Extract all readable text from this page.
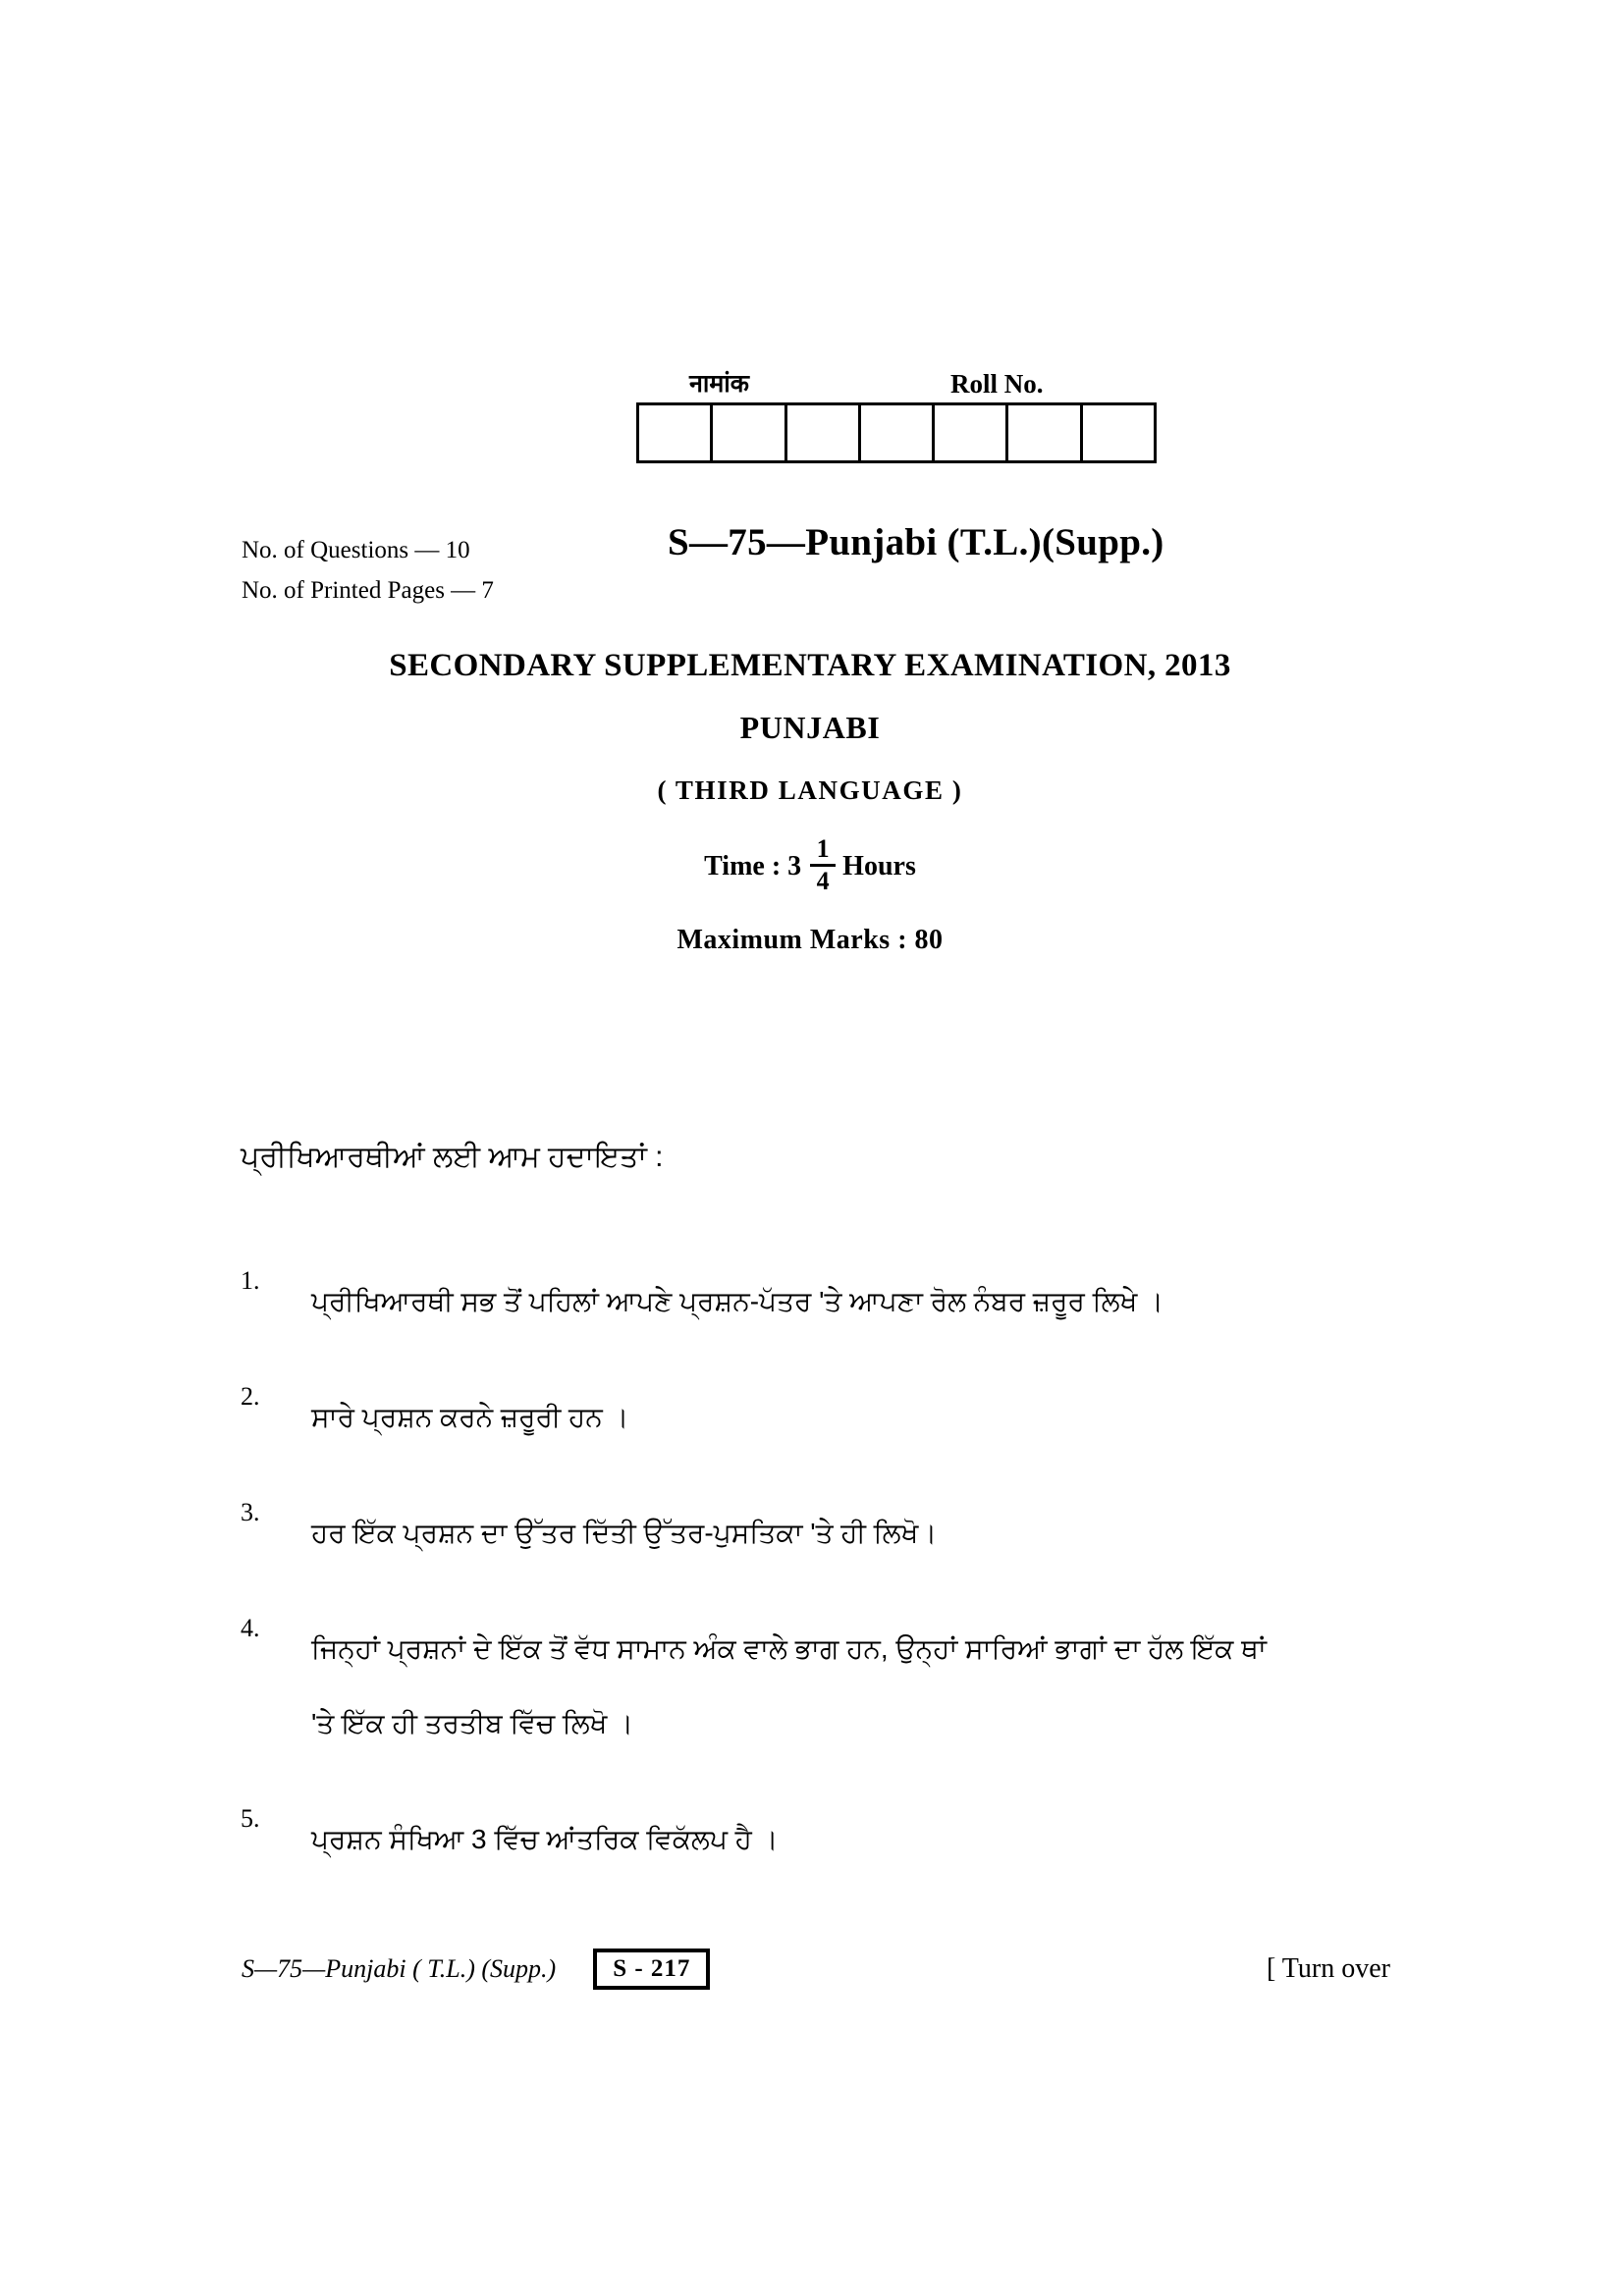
नामांक	Roll No.
No. of Questions — 10
No. of Printed Pages — 7
S—75—Punjabi (T.L.)(Supp.)
SECONDARY SUPPLEMENTARY EXAMINATION, 2013
PUNJABI
( THIRD LANGUAGE )
Time : $3 \frac{1}{4}$ Hours
Maximum Marks : 80
ਪ੍ਰੀਖਿਆਰਥੀਆਂ ਲਈ ਆਮ ਹਦਾਇਤਾਂ :
1.
ਪ੍ਰੀਖਿਆਰਥੀ ਸਭ ਤੋਂ ਪਹਿਲਾਂ ਆਪਣੇ ਪ੍ਰਸ਼ਨ-ਪੱਤਰ 'ਤੇ ਆਪਣਾ ਰੋਲ ਨੰਬਰ ਜ਼ਰੂਰ ਲਿਖੇ ।
2.
ਸਾਰੇ ਪ੍ਰਸ਼ਨ ਕਰਨੇ ਜ਼ਰੂਰੀ ਹਨ ।
3.
ਹਰ ਇੱਕ ਪ੍ਰਸ਼ਨ ਦਾ ਉੱਤਰ ਦਿੱਤੀ ਉੱਤਰ-ਪੁਸਤਿਕਾ 'ਤੇ ਹੀ ਲਿਖੋ।
4.
ਜਿਨ੍ਹਾਂ ਪ੍ਰਸ਼ਨਾਂ ਦੇ ਇੱਕ ਤੋਂ ਵੱਧ ਸਾਮਾਨ ਅੰਕ ਵਾਲੇ ਭਾਗ ਹਨ, ਉਨ੍ਹਾਂ ਸਾਰਿਆਂ ਭਾਗਾਂ ਦਾ ਹੱਲ ਇੱਕ ਥਾਂ
'ਤੇ ਇੱਕ ਹੀ ਤਰਤੀਬ ਵਿੱਚ ਲਿਖੋ ।
5.
ਪ੍ਰਸ਼ਨ ਸੰਖਿਆ 3 ਵਿੱਚ ਆਂਤਰਿਕ ਵਿਕੱਲਪ ਹੈ ।
S—75—Punjabi ( T.L.) (Supp.)	S - 217	[ Turn over
